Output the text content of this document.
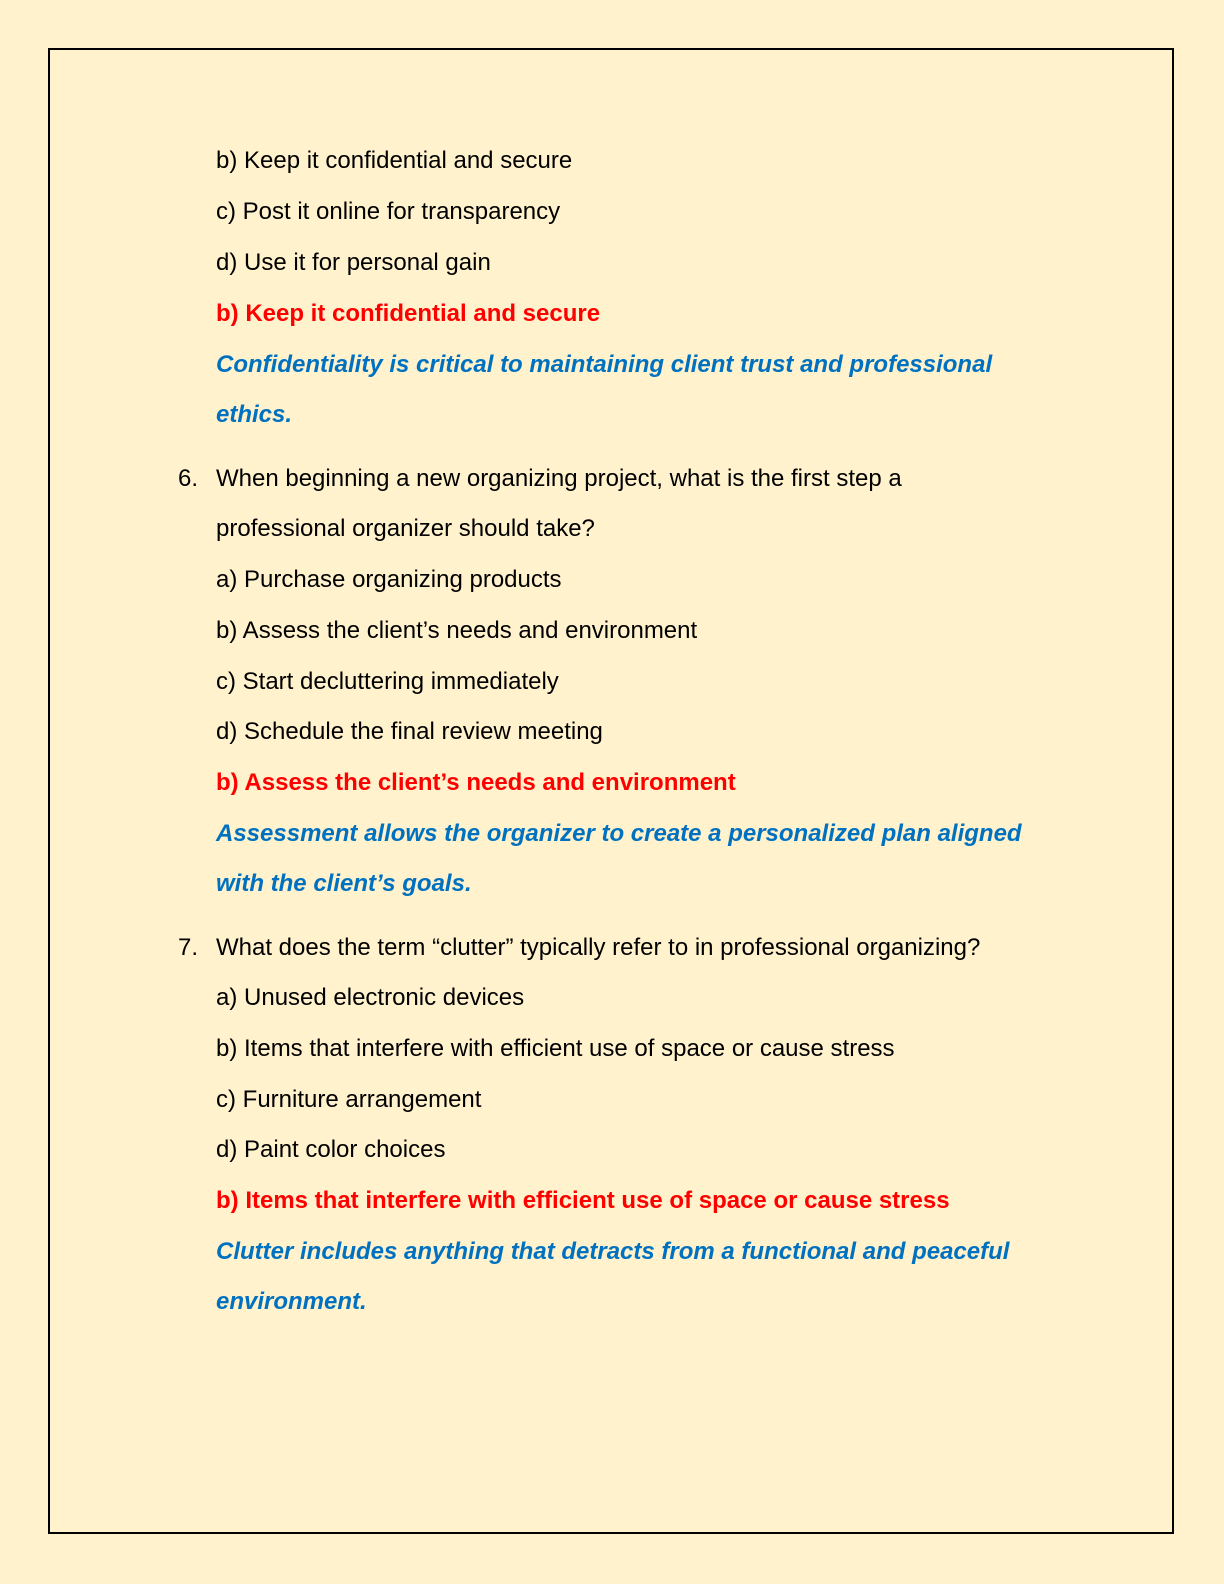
b) Keep it confidential and secure
c) Post it online for transparency
d) Use it for personal gain
b) Keep it confidential and secure
Confidentiality is critical to maintaining client trust and professional
ethics.
6. When beginning a new organizing project, what is the first step a
professional organizer should take?
a) Purchase organizing products
b) Assess the client’s needs and environment
c) Start decluttering immediately
d) Schedule the final review meeting
b) Assess the client’s needs and environment
Assessment allows the organizer to create a personalized plan aligned
with the client’s goals.
7. What does the term “clutter” typically refer to in professional organizing?
a) Unused electronic devices
b) Items that interfere with efficient use of space or cause stress
c) Furniture arrangement
d) Paint color choices
b) Items that interfere with efficient use of space or cause stress
Clutter includes anything that detracts from a functional and peaceful
environment.
